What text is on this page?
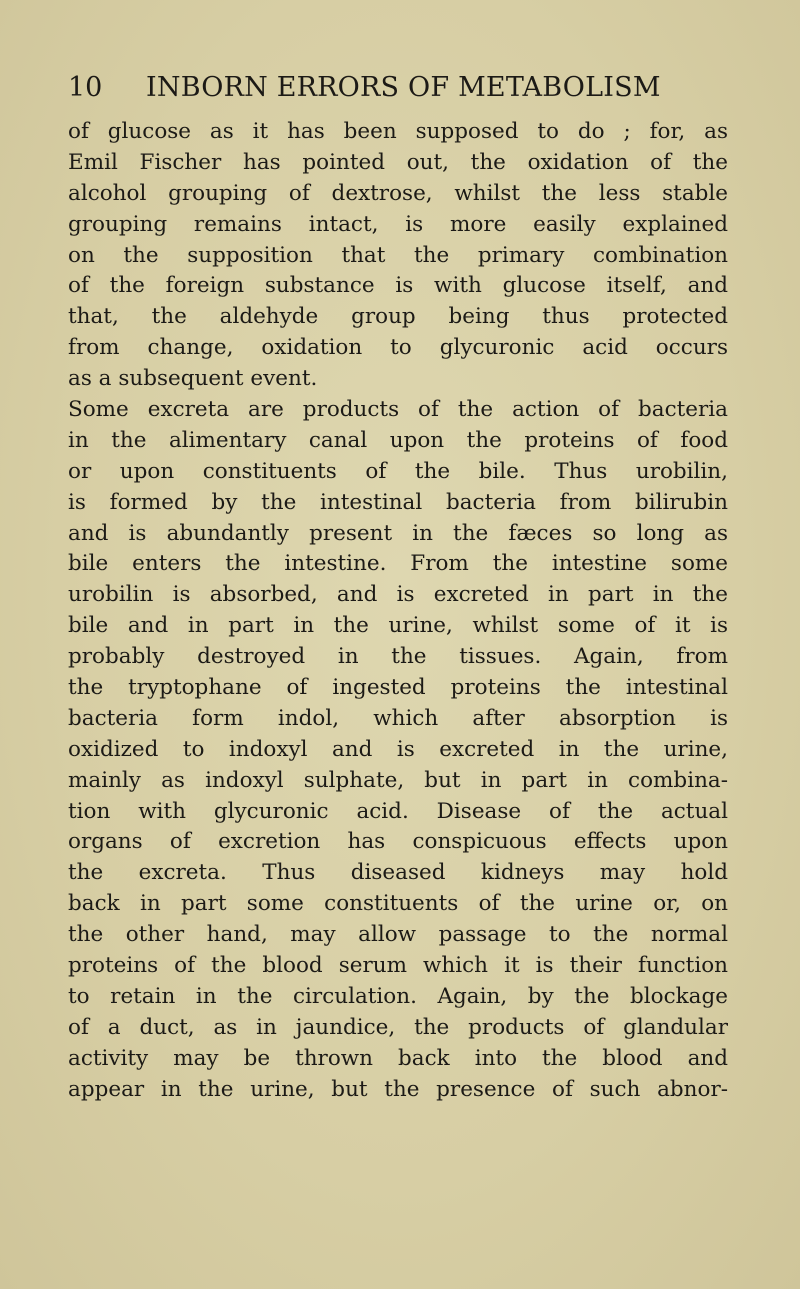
10 INBORN ERRORS OF METABOLISM
of glucose as it has been supposed to do ; for, as
Emil Fischer has pointed out, the oxidation of the
alcohol grouping of dextrose, whilst the less stable
grouping remains intact, is more easily explained
on the supposition that the primary combination
of the foreign substance is with glucose itself, and
that, the aldehyde group being thus protected
from change, oxidation to glycuronic acid occurs
as a subsequent event.
Some excreta are products of the action of bacteria
in the alimentary canal upon the proteins of food
or upon constituents of the bile. Thus urobilin,
is formed by the intestinal bacteria from bilirubin
and is abundantly present in the fæces so long as
bile enters the intestine. From the intestine some
urobilin is absorbed, and is excreted in part in the
bile and in part in the urine, whilst some of it is
probably destroyed in the tissues. Again, from
the tryptophane of ingested proteins the intestinal
bacteria form indol, which after absorption is
oxidized to indoxyl and is excreted in the urine,
mainly as indoxyl sulphate, but in part in combina-
tion with glycuronic acid. Disease of the actual
organs of excretion has conspicuous effects upon
the excreta. Thus diseased kidneys may hold
back in part some constituents of the urine or, on
the other hand, may allow passage to the normal
proteins of the blood serum which it is their function
to retain in the circulation. Again, by the blockage
of a duct, as in jaundice, the products of glandular
activity may be thrown back into the blood and
appear in the urine, but the presence of such abnor-
